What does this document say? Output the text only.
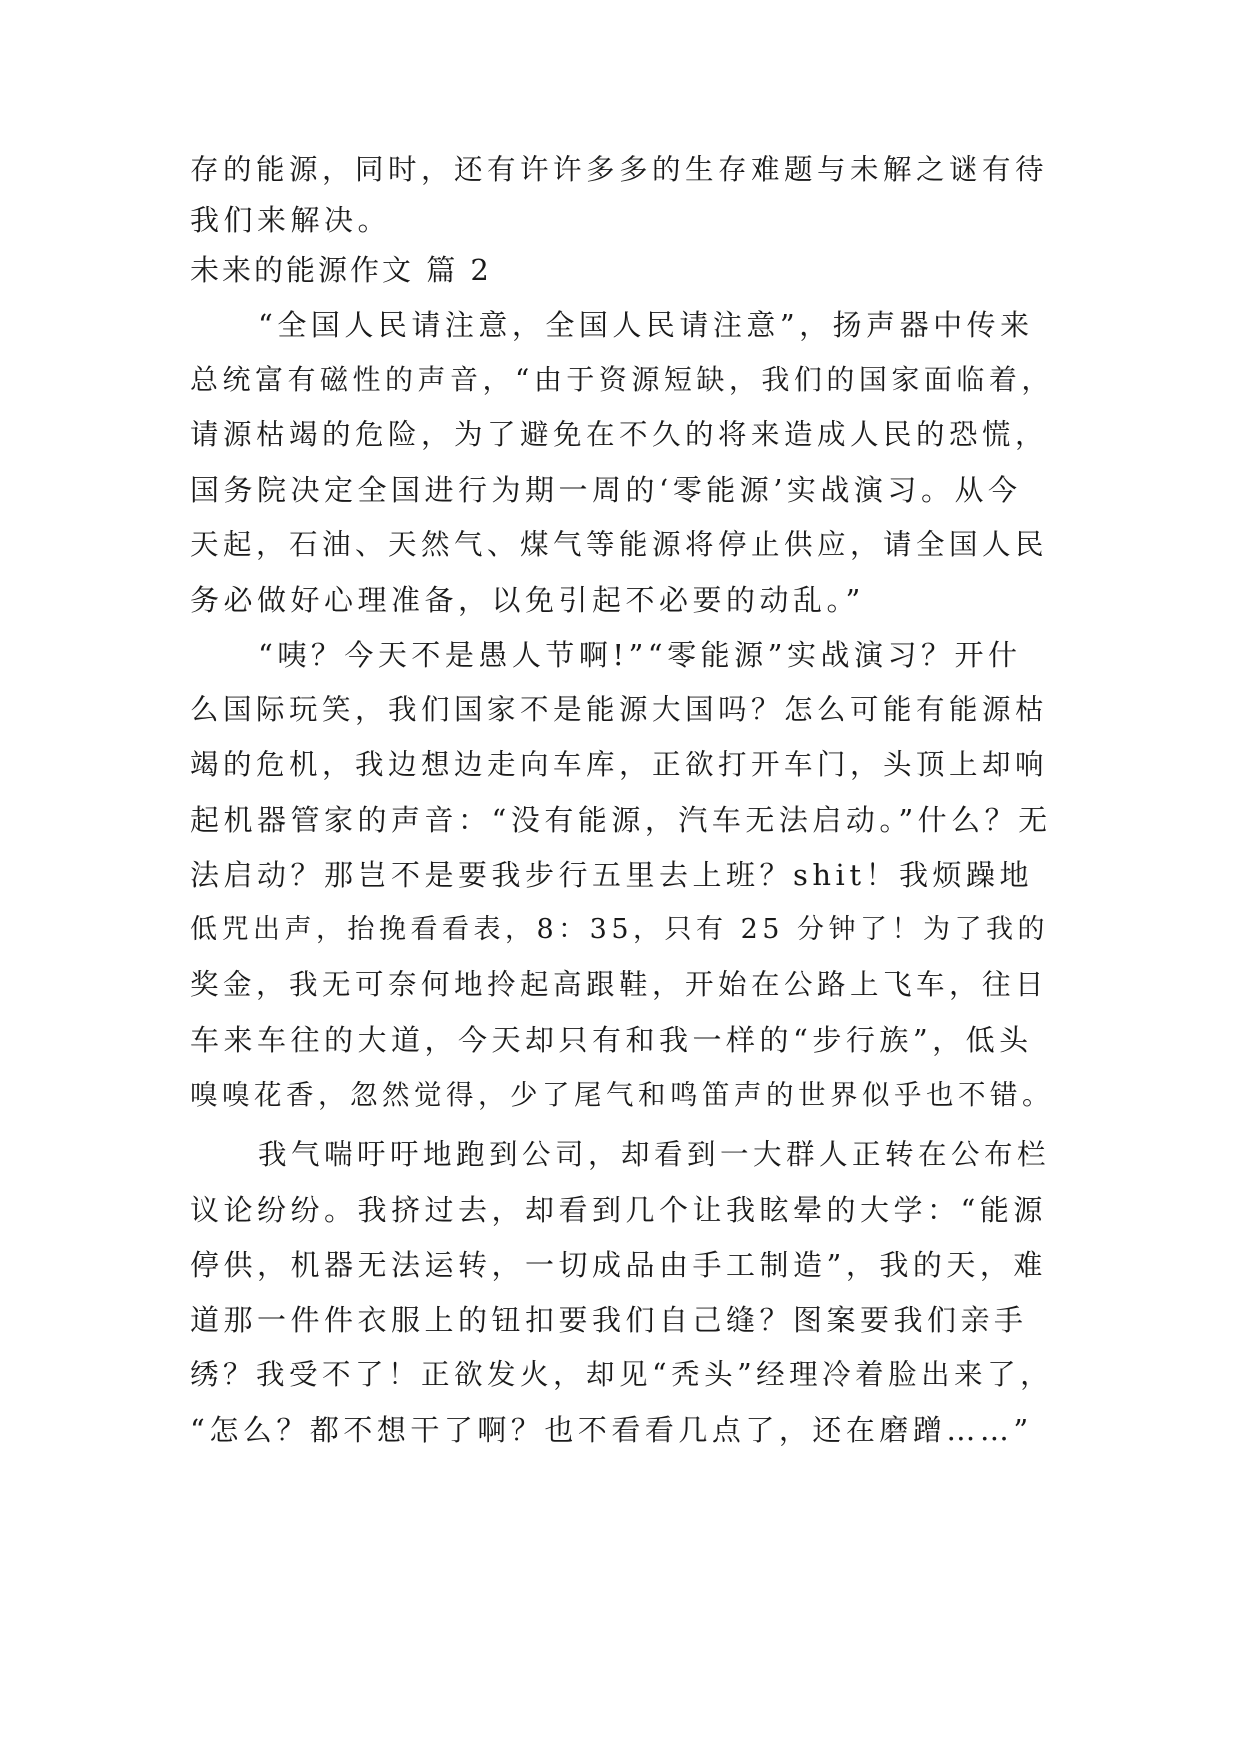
存的能源，同时，还有许许多多的生存难题与未解之谜有待
我们来解决。
未来的能源作文 篇 2
“全国人民请注意，全国人民请注意”，扬声器中传来
总统富有磁性的声音，“由于资源短缺，我们的国家面临着，
请源枯竭的危险，为了避免在不久的将来造成人民的恐慌，
国务院决定全国进行为期一周的‘零能源’实战演习。从今
天起，石油、天然气、煤气等能源将停止供应，请全国人民
务必做好心理准备，以免引起不必要的动乱。”
“咦？今天不是愚人节啊!”“零能源”实战演习？开什
么国际玩笑，我们国家不是能源大国吗？怎么可能有能源枯
竭的危机，我边想边走向车库，正欲打开车门，头顶上却响
起机器管家的声音：“没有能源，汽车无法启动。”什么？无
法启动？那岂不是要我步行五里去上班？shit！我烦躁地
低咒出声，抬挽看看表，8：35，只有 25 分钟了！为了我的
奖金，我无可奈何地拎起高跟鞋，开始在公路上飞车，往日
车来车往的大道，今天却只有和我一样的“步行族”，低头
嗅嗅花香，忽然觉得，少了尾气和鸣笛声的世界似乎也不错。
我气喘吁吁地跑到公司，却看到一大群人正转在公布栏
议论纷纷。我挤过去，却看到几个让我眩晕的大学：“能源
停供，机器无法运转，一切成品由手工制造”，我的天，难
道那一件件衣服上的钮扣要我们自己缝？图案要我们亲手
绣？我受不了！正欲发火，却见“秃头”经理冷着脸出来了，
“怎么？都不想干了啊？也不看看几点了，还在磨蹭……”
